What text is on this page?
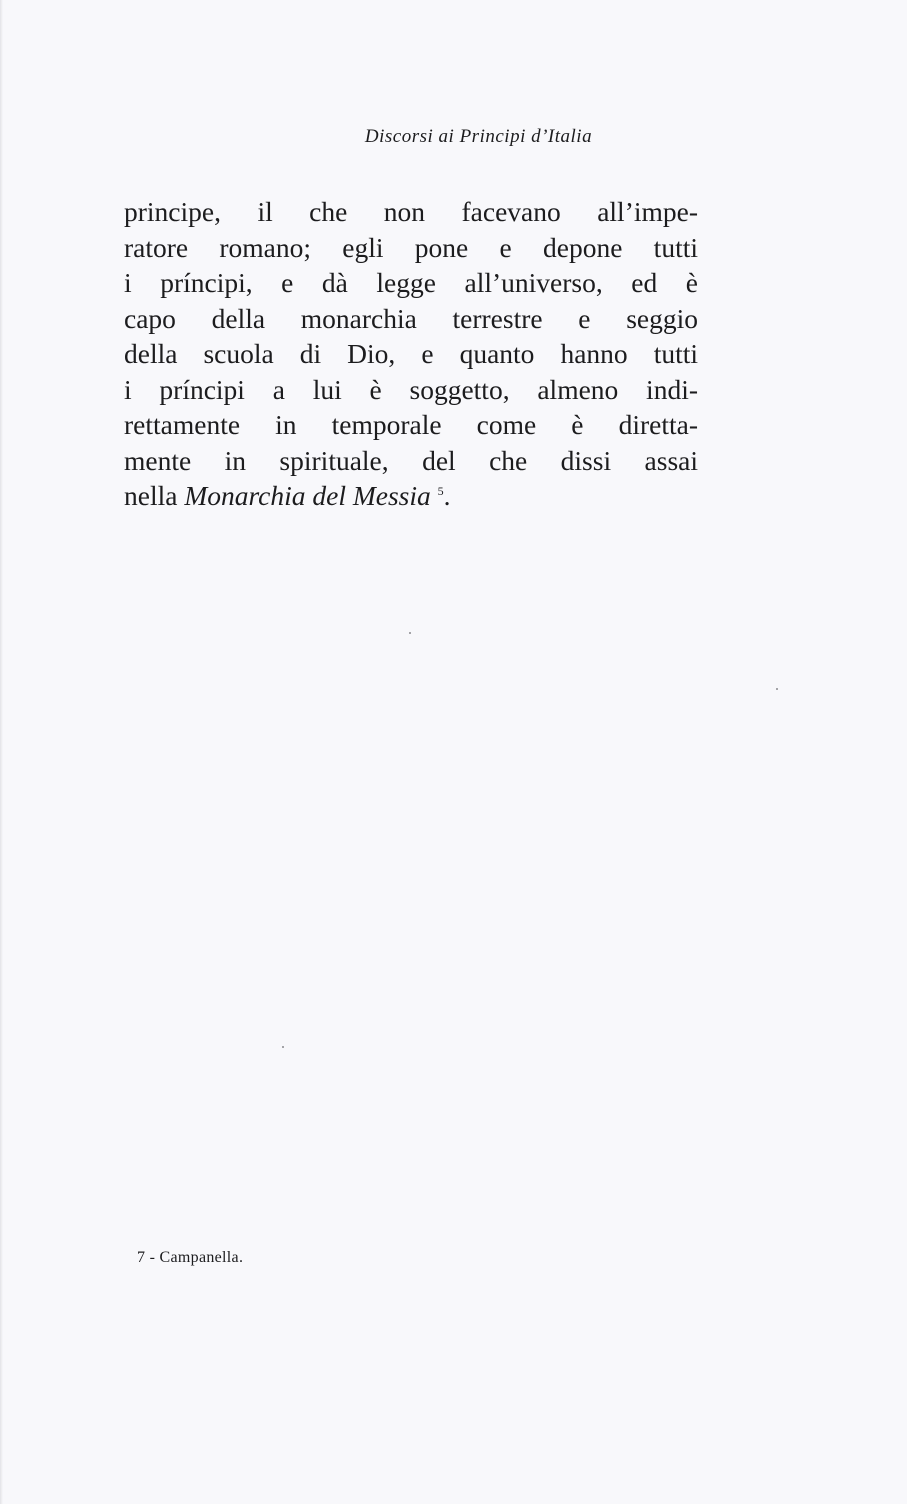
Discorsi ai Principi d’Italia
principe, il che non facevano all’impe-
ratore romano; egli pone e depone tutti
i príncipi, e dà legge all’universo, ed è
capo della monarchia terrestre e seggio
della scuola di Dio, e quanto hanno tutti
i príncipi a lui è soggetto, almeno indi-
rettamente in temporale come è diretta-
mente in spirituale, del che dissi assai
nella Monarchia del Messia $^5$.
7 - Campanella.
